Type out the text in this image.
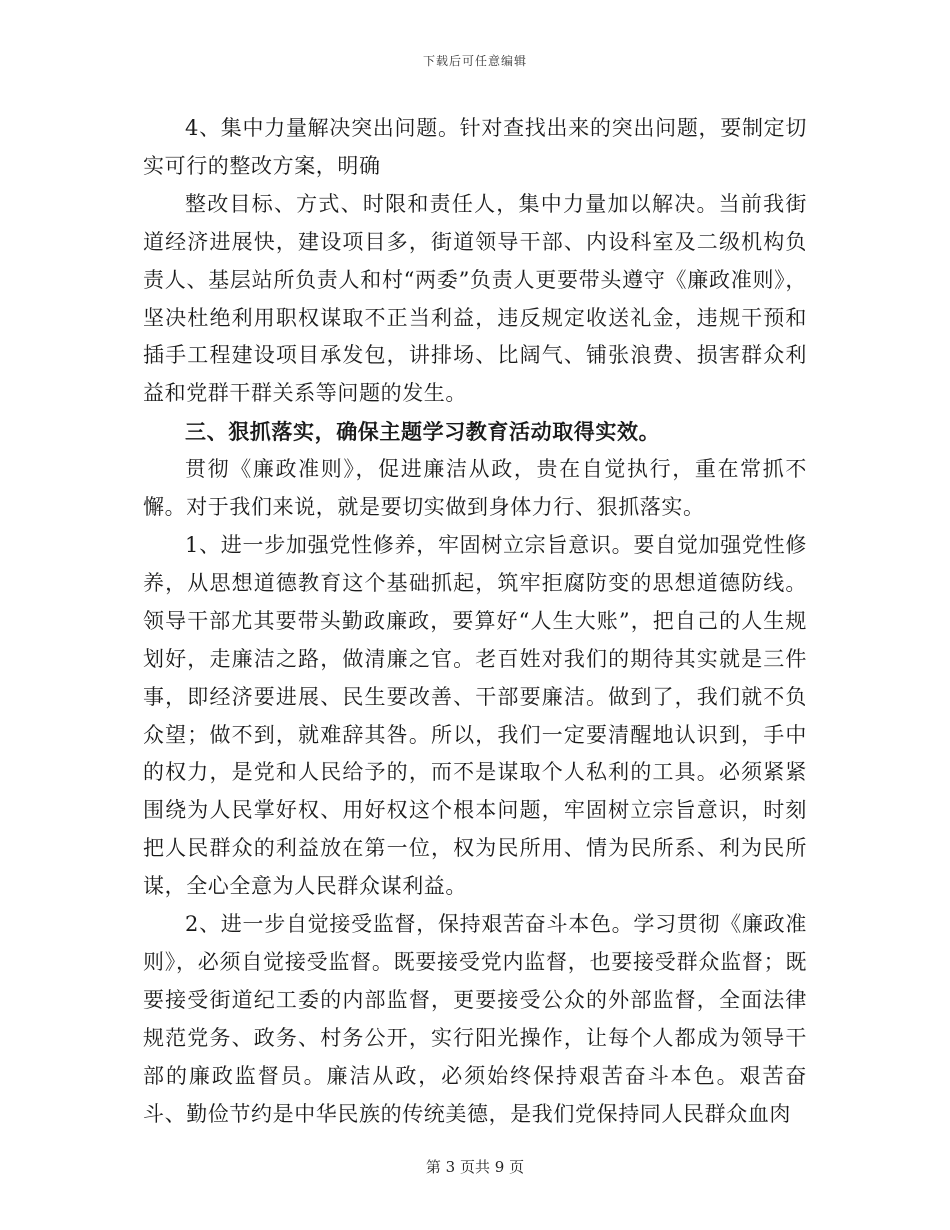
下载后可任意编辑

4、集中力量解决突出问题。针对查找出来的突出问题，要制定切实可行的整改方案，明确

整改目标、方式、时限和责任人，集中力量加以解决。当前我街道经济进展快，建设项目多，街道领导干部、内设科室及二级机构负责人、基层站所负责人和村“两委”负责人更要带头遵守《廉政准则》，坚决杜绝利用职权谋取不正当利益，违反规定收送礼金，违规干预和插手工程建设项目承发包，讲排场、比阔气、铺张浪费、损害群众利益和党群干群关系等问题的发生。

三、狠抓落实，确保主题学习教育活动取得实效。

贯彻《廉政准则》，促进廉洁从政，贵在自觉执行，重在常抓不懈。对于我们来说，就是要切实做到身体力行、狠抓落实。

1、进一步加强党性修养，牢固树立宗旨意识。要自觉加强党性修养，从思想道德教育这个基础抓起，筑牢拒腐防变的思想道德防线。领导干部尤其要带头勤政廉政，要算好“人生大账”，把自己的人生规划好，走廉洁之路，做清廉之官。老百姓对我们的期待其实就是三件事，即经济要进展、民生要改善、干部要廉洁。做到了，我们就不负众望；做不到，就难辞其咎。所以，我们一定要清醒地认识到，手中的权力，是党和人民给予的，而不是谋取个人私利的工具。必须紧紧围绕为人民掌好权、用好权这个根本问题，牢固树立宗旨意识，时刻把人民群众的利益放在第一位，权为民所用、情为民所系、利为民所谋，全心全意为人民群众谋利益。

2、进一步自觉接受监督，保持艰苦奋斗本色。学习贯彻《廉政准则》，必须自觉接受监督。既要接受党内监督，也要接受群众监督；既要接受街道纪工委的内部监督，更要接受公众的外部监督，全面法律规范党务、政务、村务公开，实行阳光操作，让每个人都成为领导干部的廉政监督员。廉洁从政，必须始终保持艰苦奋斗本色。艰苦奋斗、勤俭节约是中华民族的传统美德，是我们党保持同人民群众血肉

第 3 页共 9 页
